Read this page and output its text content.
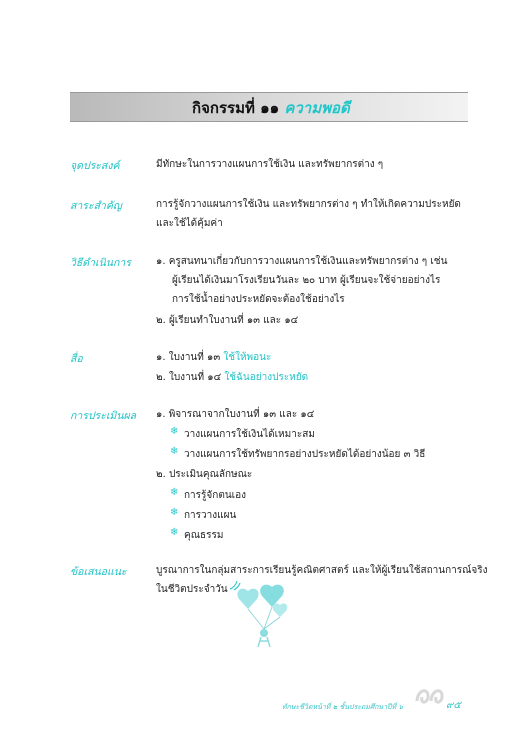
กิจกรรมที่ ๑๑ ความพอดี
จุดประสงค์	มีทักษะในการวางแผนการใช้เงิน และทรัพยากรต่าง ๆ
สาระสำคัญ	การรู้จักวางแผนการใช้เงิน และทรัพยากรต่าง ๆ ทำให้เกิดความประหยัด
และใช้ได้คุ้มค่า
วิธีดำเนินการ	๑. ครูสนทนาเกี่ยวกับการวางแผนการใช้เงินและทรัพยากรต่าง ๆ เช่น
ผู้เรียนได้เงินมาโรงเรียนวันละ ๒๐ บาท ผู้เรียนจะใช้จ่ายอย่างไร
การใช้น้ำอย่างประหยัดจะต้องใช้อย่างไร
๒. ผู้เรียนทำใบงานที่ ๑๓ และ ๑๔
สื่อ	๑. ใบงานที่ ๑๓ ใช้ให้พอนะ
๒. ใบงานที่ ๑๔ ใช้ฉันอย่างประหยัด
การประเมินผล ๑. พิจารณาจากใบงานที่ ๑๓ และ ๑๔
❄ วางแผนการใช้เงินได้เหมาะสม
❄ วางแผนการใช้ทรัพยากรอย่างประหยัดได้อย่างน้อย ๓ วิธี
๒. ประเมินคุณลักษณะ
❄ การรู้จักตนเอง
❄ การวางแผน
❄ คุณธรรม
ข้อเสนอแนะ	บูรณาการในกลุ่มสาระการเรียนรู้คณิตศาสตร์ และให้ผู้เรียนใช้สถานการณ์จริง
ในชีวิตประจำวัน
ทักษะชีวิตหน้าที่ ๒ ชั้นประถมศึกษาปีที่ ๖	๙๕
